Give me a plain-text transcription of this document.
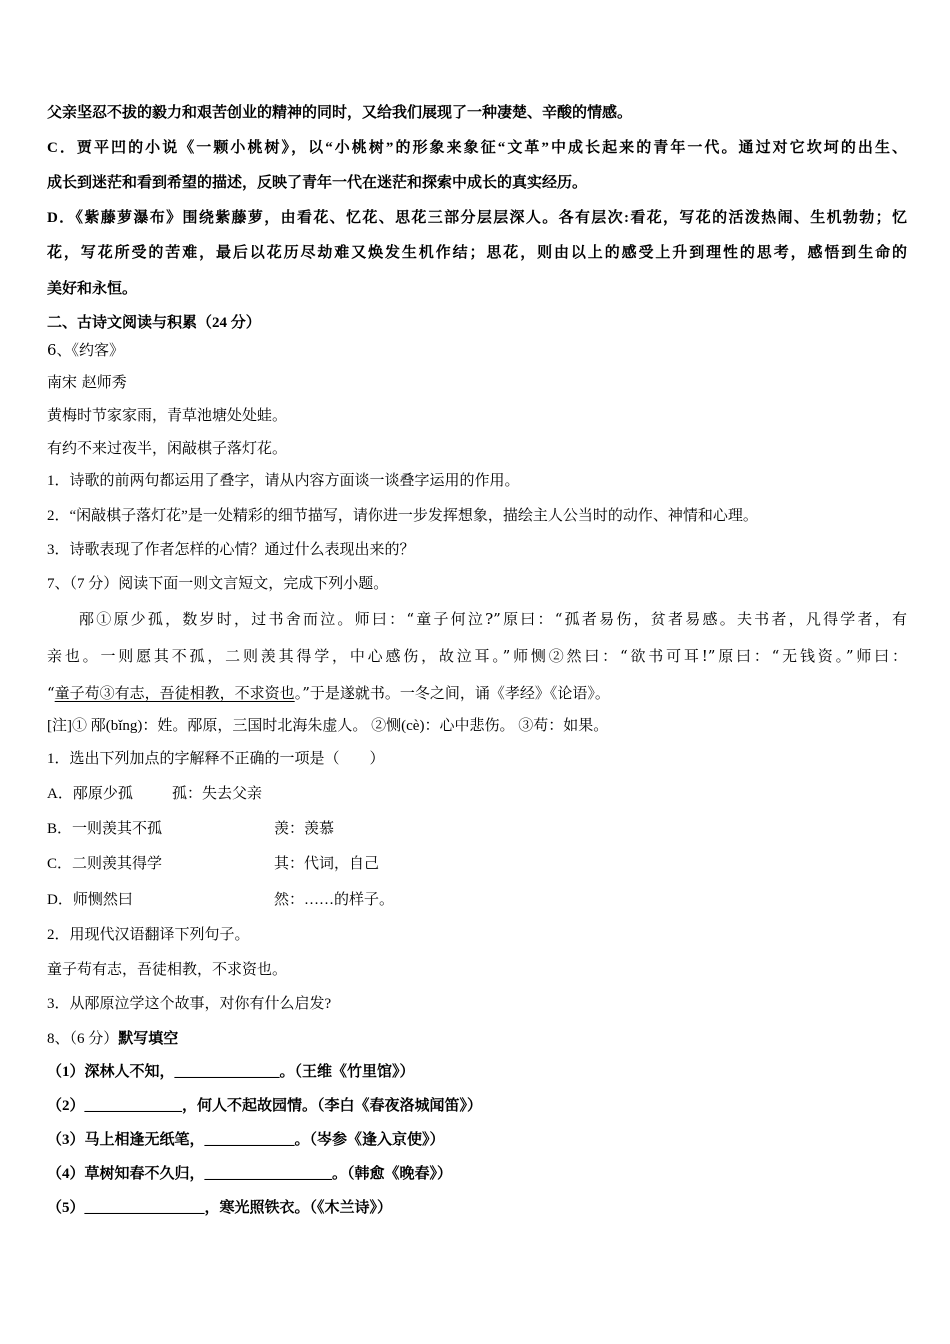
父亲坚忍不拔的毅力和艰苦创业的精神的同时，又给我们展现了一种凄楚、辛酸的情感。
C．贾平凹的小说《一颗小桃树》，以“小桃树”的形象来象征“文革”中成长起来的青年一代。通过对它坎坷的出生、
成长到迷茫和看到希望的描述，反映了青年一代在迷茫和探索中成长的真实经历。
D．《紫藤萝瀑布》围绕紫藤萝，由看花、忆花、思花三部分层层深人。各有层次:看花，写花的活泼热闹、生机勃勃；忆
花，写花所受的苦难，最后以花历尽劫难又焕发生机作结；思花，则由以上的感受上升到理性的思考，感悟到生命的
美好和永恒。
二、古诗文阅读与积累（24 分）
6、《约客》
南宋 赵师秀
黄梅时节家家雨，青草池塘处处蛙。
有约不来过夜半，闲敲棋子落灯花。
1．诗歌的前两句都运用了叠字，请从内容方面谈一谈叠字运用的作用。
2．“闲敲棋子落灯花”是一处精彩的细节描写，请你进一步发挥想象，描绘主人公当时的动作、神情和心理。
3．诗歌表现了作者怎样的心情？通过什么表现出来的？
7、（7 分）阅读下面一则文言短文，完成下列小题。
邴①原少孤，数岁时，过书舍而泣。师曰：“童子何泣?”原曰：“孤者易伤，贫者易感。夫书者，凡得学者，有
亲也。一则愿其不孤，二则羡其得学，中心感伤，故泣耳。”师恻②然曰：“欲书可耳!”原曰：“无钱资。”师曰：
“童子苟③有志，吾徒相教，不求资也。”于是遂就书。一冬之间，诵《孝经》《论语》。
[注]① 邴(bǐng)：姓。邴原，三国时北海朱虚人。 ②恻(cè)：心中悲伤。 ③苟：如果。
1．选出下列加点的字解释不正确的一项是（　　）
A．邴原少孤	孤：失去父亲
B．一则羡其不孤	羡：羡慕
C．二则羡其得学	其：代词，自己
D．师恻然曰	然：……的样子。
2．用现代汉语翻译下列句子。
童子苟有志，吾徒相教，不求资也。
3．从邴原泣学这个故事，对你有什么启发?
8、（6 分）默写填空
（1）深林人不知，______________。（王维《竹里馆》）
（2）_____________，何人不起故园情。（李白《春夜洛城闻笛》）
（3）马上相逢无纸笔，____________。（岑参《逢入京使》）
（4）草树知春不久归，_________________。（韩愈《晚春》）
（5）________________，寒光照铁衣。（《木兰诗》）
